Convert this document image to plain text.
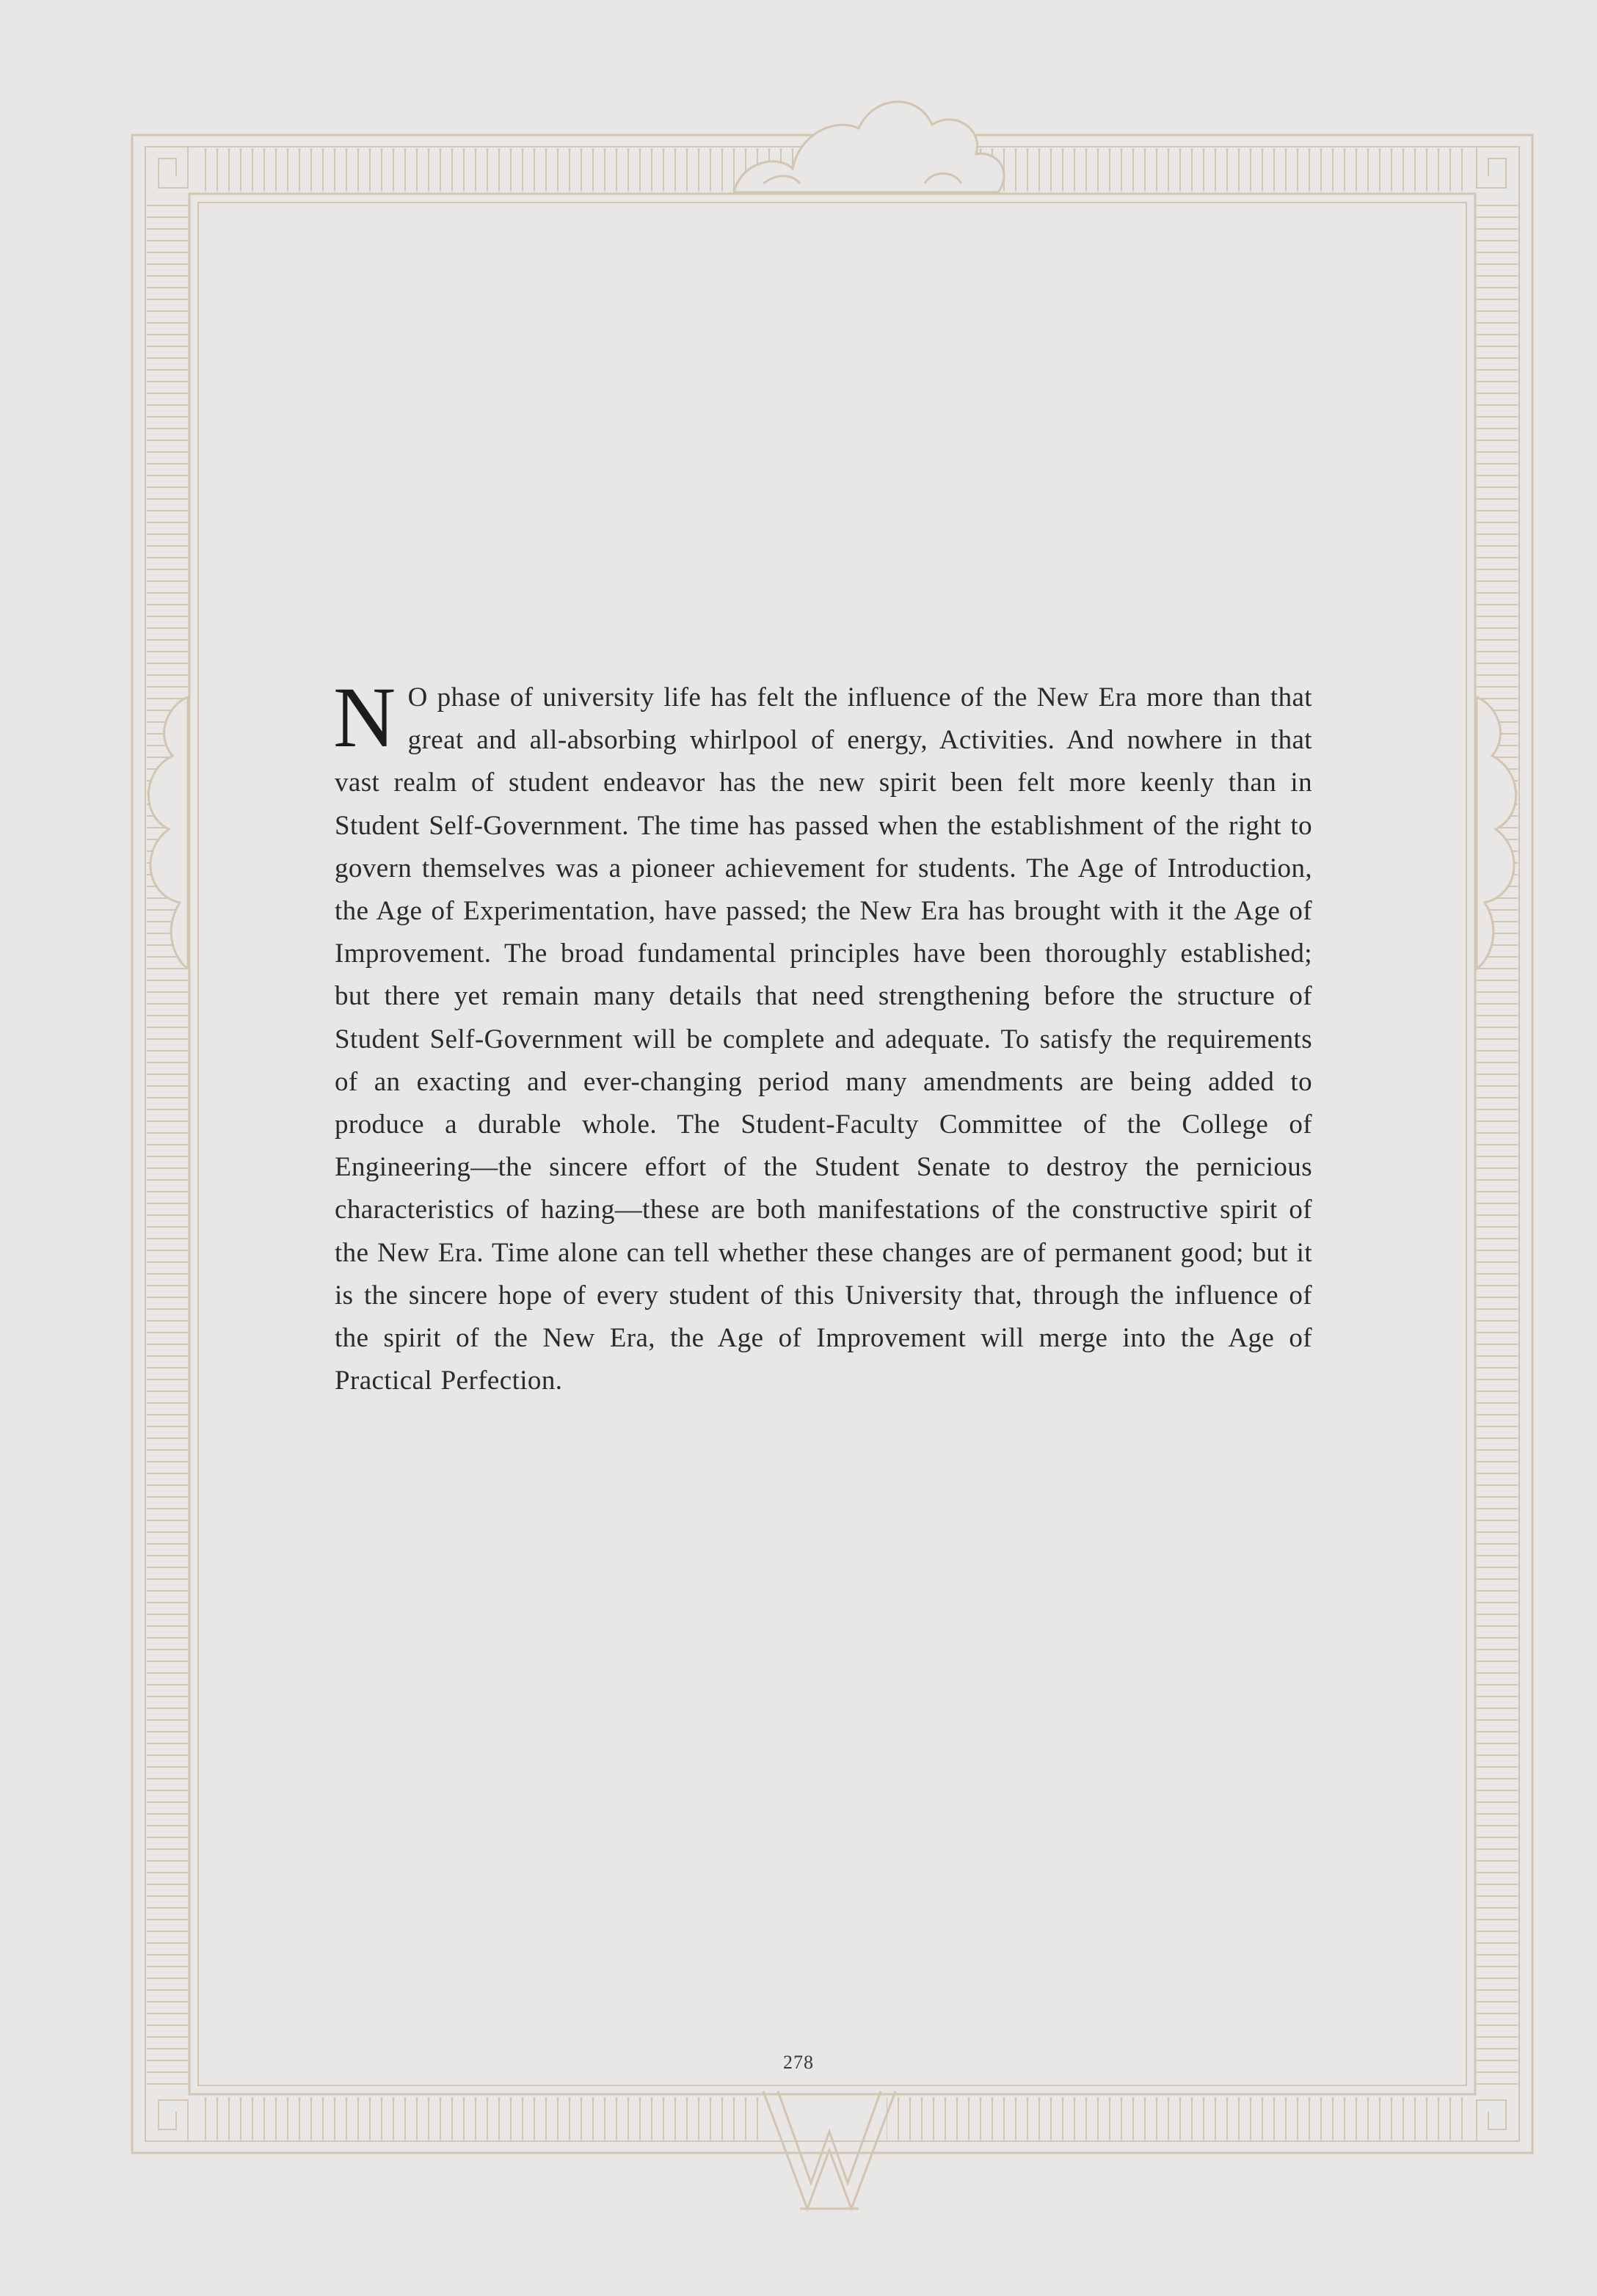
N O phase of university life has felt the influence of the New Era more than that great and all-absorbing whirlpool of energy, Activities. And nowhere in that vast realm of student endeavor has the new spirit been felt more keenly than in Student Self-Government. The time has passed when the establishment of the right to govern themselves was a pioneer achievement for students. The Age of Introduction, the Age of Experimentation, have passed; the New Era has brought with it the Age of Improvement. The broad fundamental principles have been thoroughly established; but there yet remain many details that need strengthening before the structure of Student Self-Government will be complete and adequate. To satisfy the requirements of an exacting and ever-changing period many amendments are being added to produce a durable whole. The Student-Faculty Committee of the College of Engineering—the sincere effort of the Student Senate to destroy the pernicious characteristics of hazing—these are both manifestations of the constructive spirit of the New Era. Time alone can tell whether these changes are of permanent good; but it is the sincere hope of every student of this University that, through the influence of the spirit of the New Era, the Age of Improvement will merge into the Age of Practical Perfection.
278
